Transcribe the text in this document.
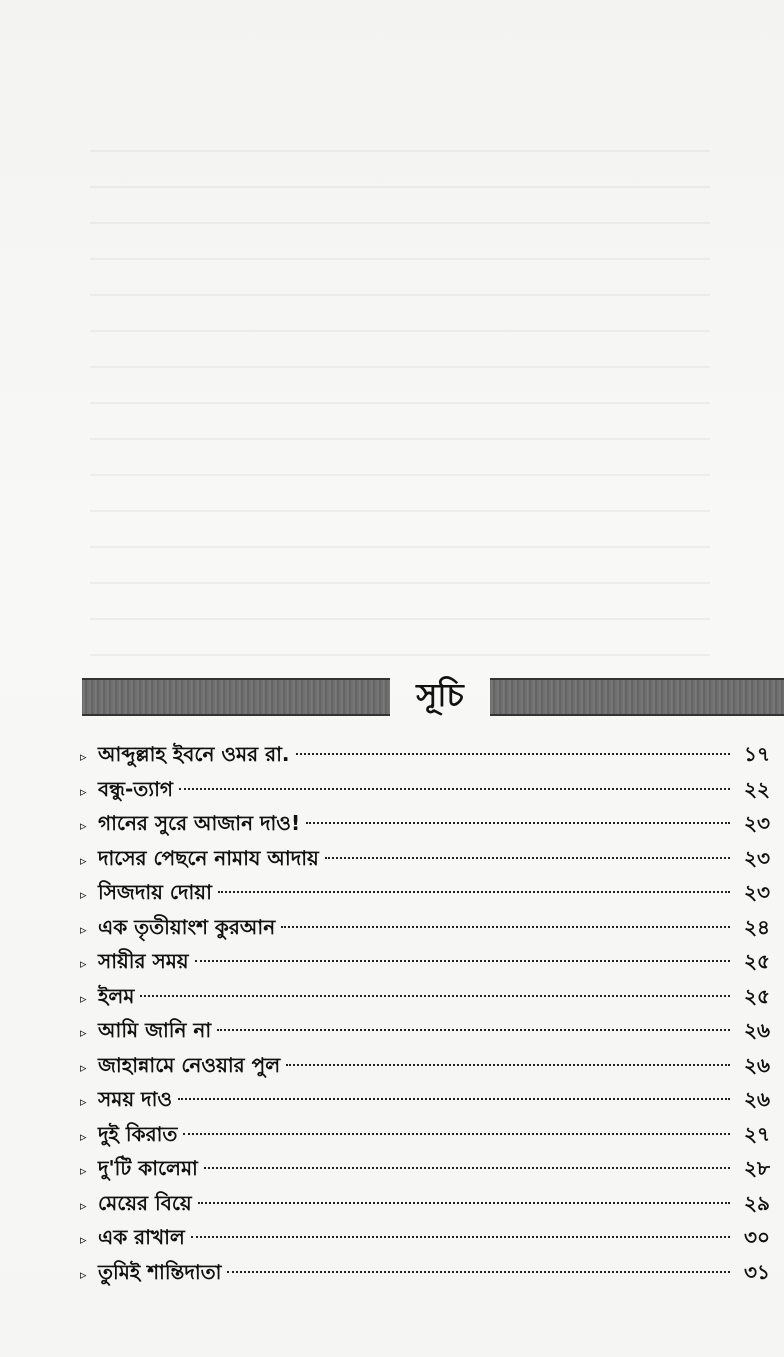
সূচি
▹ আব্দুল্লাহ ইবনে ওমর রা.	১৭
▹ বন্ধু-ত্যাগ	২২
▹ গানের সুরে আজান দাও!	২৩
▹ দাসের পেছনে নামায আদায়	২৩
▹ সিজদায় দোয়া	২৩
▹ এক তৃতীয়াংশ কুরআন	২৪
▹ সায়ীর সময়	২৫
▹ ইলম	২৫
▹ আমি জানি না	২৬
▹ জাহান্নামে নেওয়ার পুল	২৬
▹ সময় দাও	২৬
▹ দুই কিরাত	২৭
▹ দু'টি কালেমা	২৮
▹ মেয়ের বিয়ে	২৯
▹ এক রাখাল	৩০
▹ তুমিই শান্তিদাতা	৩১
